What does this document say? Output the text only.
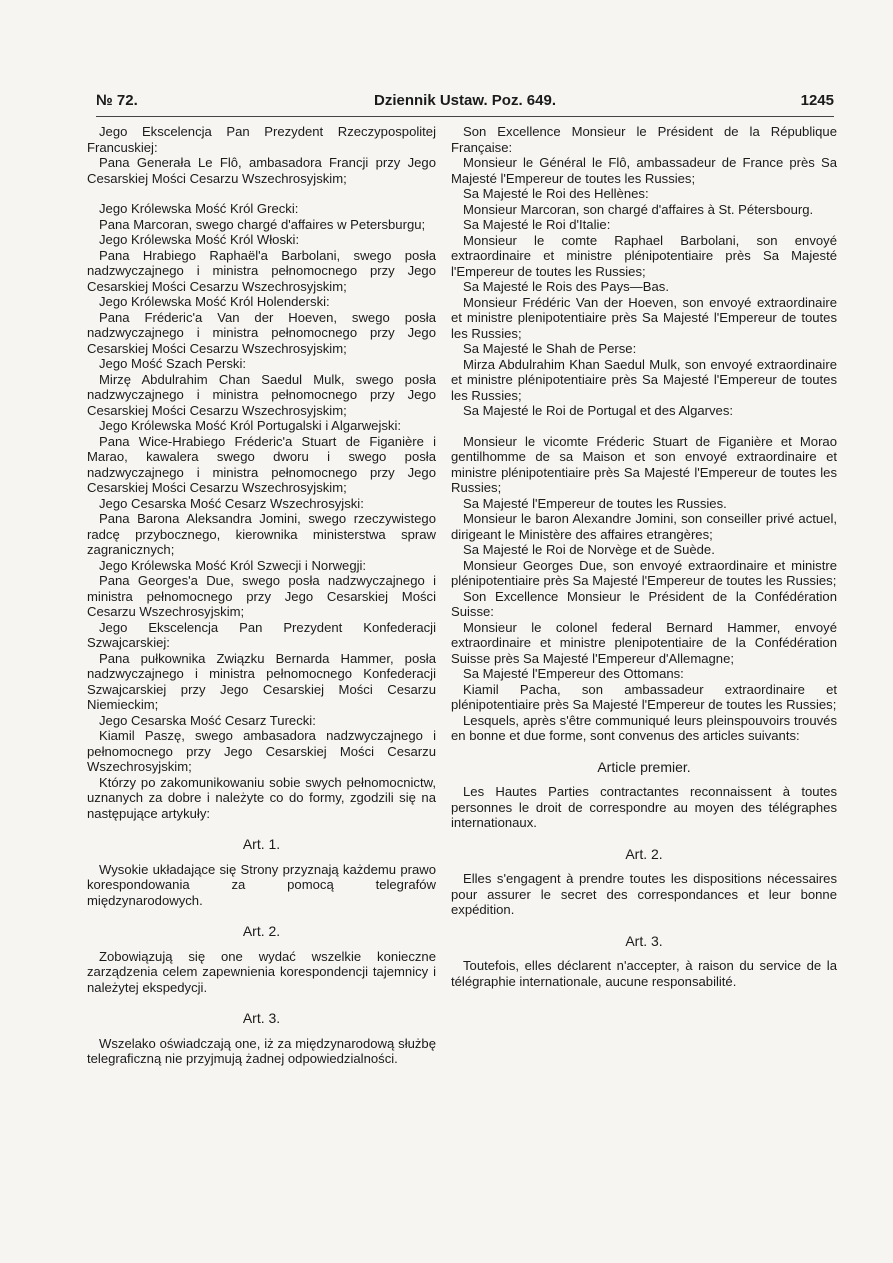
№ 72.	Dziennik Ustaw. Poz. 649.	1245

Jego Ekscelencja Pan Prezydent Rzeczypospolitej Francuskiej:

Pana Generała Le Flô, ambasadora Francji przy Jego Cesarskiej Mości Cesarzu Wszechrosyjskim;

Jego Królewska Mość Król Grecki:

Pana Marcoran, swego chargé d'affaires w Petersburgu;

Jego Królewska Mość Król Włoski:

Pana Hrabiego Raphaël'a Barbolani, swego posła nadzwyczajnego i ministra pełnomocnego przy Jego Cesarskiej Mości Cesarzu Wszechrosyjskim;

Jego Królewska Mość Król Holenderski:

Pana Fréderic'a Van der Hoeven, swego posła nadzwyczajnego i ministra pełnomocnego przy Jego Cesarskiej Mości Cesarzu Wszechrosyjskim;

Jego Mość Szach Perski:

Mirzę Abdulrahim Chan Saedul Mulk, swego posła nadzwyczajnego i ministra pełnomocnego przy Jego Cesarskiej Mości Cesarzu Wszechrosyjskim;

Jego Królewska Mość Król Portugalski i Algarwejski:

Pana Wice-Hrabiego Fréderic'a Stuart de Figanière i Marao, kawalera swego dworu i swego posła nadzwyczajnego i ministra pełnomocnego przy Jego Cesarskiej Mości Cesarzu Wszechrosyjskim;

Jego Cesarska Mość Cesarz Wszechrosyjski:

Pana Barona Aleksandra Jomini, swego rzeczywistego radcę przybocznego, kierownika ministerstwa spraw zagranicznych;

Jego Królewska Mość Król Szwecji i Norwegji:

Pana Georges'a Due, swego posła nadzwyczajnego i ministra pełnomocnego przy Jego Cesarskiej Mości Cesarzu Wszechrosyjskim;

Jego Ekscelencja Pan Prezydent Konfederacji Szwajcarskiej:

Pana pułkownika Związku Bernarda Hammer, posła nadzwyczajnego i ministra pełnomocnego Konfederacji Szwajcarskiej przy Jego Cesarskiej Mości Cesarzu Niemieckim;

Jego Cesarska Mość Cesarz Turecki:

Kiamil Paszę, swego ambasadora nadzwyczajnego i pełnomocnego przy Jego Cesarskiej Mości Cesarzu Wszechrosyjskim;

Którzy po zakomunikowaniu sobie swych pełnomocnictw, uznanych za dobre i należyte co do formy, zgodzili się na następujące artykuły:

Art. 1.

Wysokie układające się Strony przyznają każdemu prawo korespondowania za pomocą telegrafów międzynarodowych.

Art. 2.

Zobowiązują się one wydać wszelkie konieczne zarządzenia celem zapewnienia korespondencji tajemnicy i należytej ekspedycji.

Art. 3.

Wszelako oświadczają one, iż za międzynarodową służbę telegraficzną nie przyjmują żadnej odpowiedzialności.

Son Excellence Monsieur le Président de la République Française:

Monsieur le Général le Flô, ambassadeur de France près Sa Majesté l'Empereur de toutes les Russies;

Sa Majesté le Roi des Hellènes:

Monsieur Marcoran, son chargé d'affaires à St. Pétersbourg.

Sa Majesté le Roi d'Italie:

Monsieur le comte Raphael Barbolani, son envoyé extraordinaire et ministre plénipotentiaire près Sa Majesté l'Empereur de toutes les Russies;

Sa Majesté le Rois des Pays—Bas.

Monsieur Frédéric Van der Hoeven, son envoyé extraordinaire et ministre plenipotentiaire près Sa Majesté l'Empereur de toutes les Russies;

Sa Majesté le Shah de Perse:

Mirza Abdulrahim Khan Saedul Mulk, son envoyé extraordinaire et ministre plénipotentiaire près Sa Majesté l'Empereur de toutes les Russies;

Sa Majesté le Roi de Portugal et des Algarves:

Monsieur le vicomte Fréderic Stuart de Figanière et Morao gentilhomme de sa Maison et son envoyé extraordinaire et ministre plénipotentiaire près Sa Majesté l'Empereur de toutes les Russies;

Sa Majesté l'Empereur de toutes les Russies.

Monsieur le baron Alexandre Jomini, son conseiller privé actuel, dirigeant le Ministère des affaires etrangères;

Sa Majesté le Roi de Norvège et de Suède.

Monsieur Georges Due, son envoyé extraordinaire et ministre plénipotentiaire près Sa Majesté l'Empereur de toutes les Russies;

Son Excellence Monsieur le Président de la Confédération Suisse:

Monsieur le colonel federal Bernard Hammer, envoyé extraordinaire et ministre plenipotentiaire de la Confédération Suisse près Sa Majesté l'Empereur d'Allemagne;

Sa Majesté l'Empereur des Ottomans:

Kiamil Pacha, son ambassadeur extraordinaire et plénipotentiaire près Sa Majesté l'Empereur de toutes les Russies;

Lesquels, après s'être communiqué leurs pleinspouvoirs trouvés en bonne et due forme, sont convenus des articles suivants:

Article premier.

Les Hautes Parties contractantes reconnaissent à toutes personnes le droit de correspondre au moyen des télégraphes internationaux.

Art. 2.

Elles s'engagent à prendre toutes les dispositions nécessaires pour assurer le secret des correspondances et leur bonne expédition.

Art. 3.

Toutefois, elles déclarent n'accepter, à raison du service de la télégraphie internationale, aucune responsabilité.
